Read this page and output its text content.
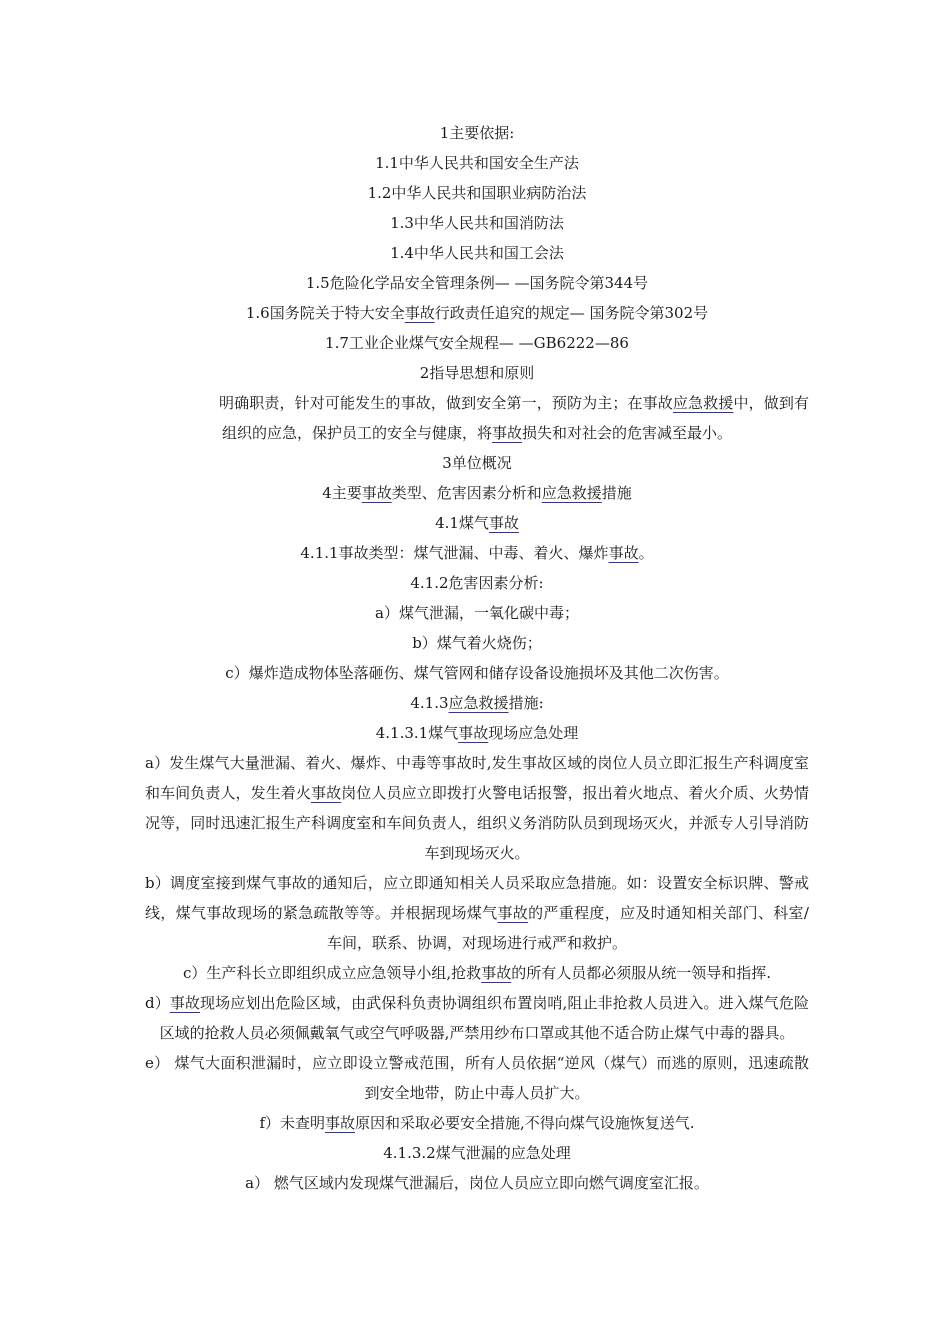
1主要依据:
1.1中华人民共和国安全生产法
1.2中华人民共和国职业病防治法
1.3中华人民共和国消防法
1.4中华人民共和国工会法
1.5危险化学品安全管理条例— —国务院令第344号
1.6国务院关于特大安全事故行政责任追究的规定— 国务院令第302号
1.7工业企业煤气安全规程— —GB6222—86
2指导思想和原则
明确职责，针对可能发生的事故，做到安全第一，预防为主；在事故应急救援中，做到有组织的应急，保护员工的安全与健康，将事故损失和对社会的危害减至最小。
3单位概况
4主要事故类型、危害因素分析和应急救援措施
4.1煤气事故
4.1.1事故类型：煤气泄漏、中毒、着火、爆炸事故。
4.1.2危害因素分析:
a）煤气泄漏，一氧化碳中毒；
b）煤气着火烧伤；
c）爆炸造成物体坠落砸伤、煤气管网和储存设备设施损坏及其他二次伤害。
4.1.3应急救援措施:
4.1.3.1煤气事故现场应急处理
a）发生煤气大量泄漏、着火、爆炸、中毒等事故时,发生事故区域的岗位人员立即汇报生产科调度室和车间负责人，发生着火事故岗位人员应立即拨打火警电话报警，报出着火地点、着火介质、火势情况等，同时迅速汇报生产科调度室和车间负责人，组织义务消防队员到现场灭火，并派专人引导消防车到现场灭火。
b）调度室接到煤气事故的通知后，应立即通知相关人员采取应急措施。如：设置安全标识牌、警戒线，煤气事故现场的紧急疏散等等。并根据现场煤气事故的严重程度，应及时通知相关部门、科室/车间，联系、协调，对现场进行戒严和救护。
c）生产科长立即组织成立应急领导小组,抢救事故的所有人员都必须服从统一领导和指挥.
d）事故现场应划出危险区域，由武保科负责协调组织布置岗哨,阻止非抢救人员进入。进入煤气危险区域的抢救人员必须佩戴氧气或空气呼吸器,严禁用纱布口罩或其他不适合防止煤气中毒的器具。
e） 煤气大面积泄漏时，应立即设立警戒范围，所有人员依据“逆风（煤气）而逃的原则，迅速疏散到安全地带，防止中毒人员扩大。
f）未查明事故原因和采取必要安全措施,不得向煤气设施恢复送气.
4.1.3.2煤气泄漏的应急处理
a） 燃气区域内发现煤气泄漏后，岗位人员应立即向燃气调度室汇报。
